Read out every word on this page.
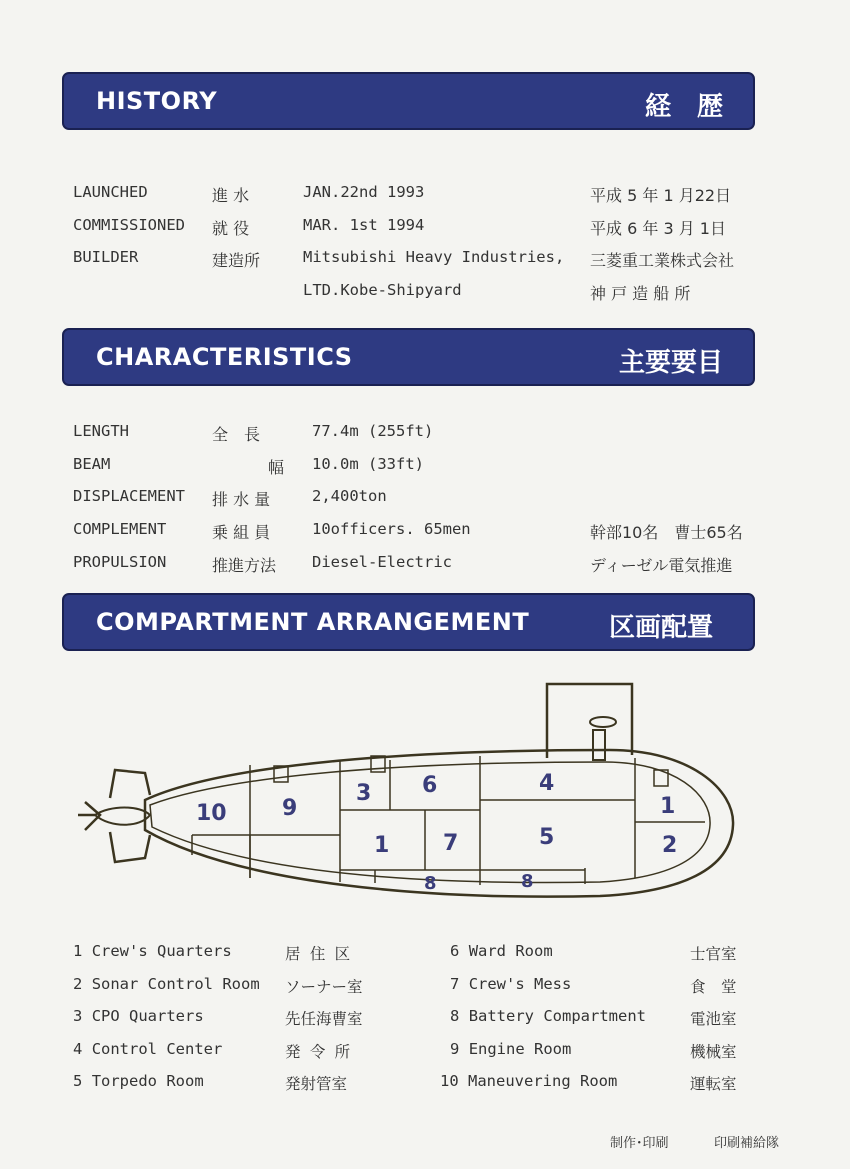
HISTORY	経　歴
LAUNCHED	進 水	JAN.22nd 1993	平成 5 年 1 月22日
COMMISSIONED 就 役	MAR. 1st 1994	平成 6 年 3 月 1日
BUILDER	建造所	Mitsubishi Heavy Industries, 三菱重工業株式会社
LTD.Kobe-Shipyard	神 戸 造 船 所
CHARACTERISTICS	主要要目
LENGTH	全　長	77.4m (255ft)
BEAM	幅 10.0m (33ft)
DISPLACEMENT 排 水 量	2,400ton
COMPLEMENT	乗 組 員	10officers. 65men	幹部10名　曹士65名
PROPULSION	推進方法 Diesel-Electric	ディーゼル電気推進
COMPARTMENT ARRANGEMENT	区画配置
10	9
3 6	4
1
1 7	5	2
8	8
1 Crew's Quarters	居 住 区
2 Sonar Control Room ソーナー室
3 CPO Quarters	先任海曹室
4 Control Center	発 令 所
5 Torpedo Room	発射管室
6 Ward Room	士官室
7 Crew's Mess	食　堂
8 Battery Compartment	電池室
9 Engine Room	機械室
10 Maneuvering Room	運転室
制作･印刷	印刷補給隊
